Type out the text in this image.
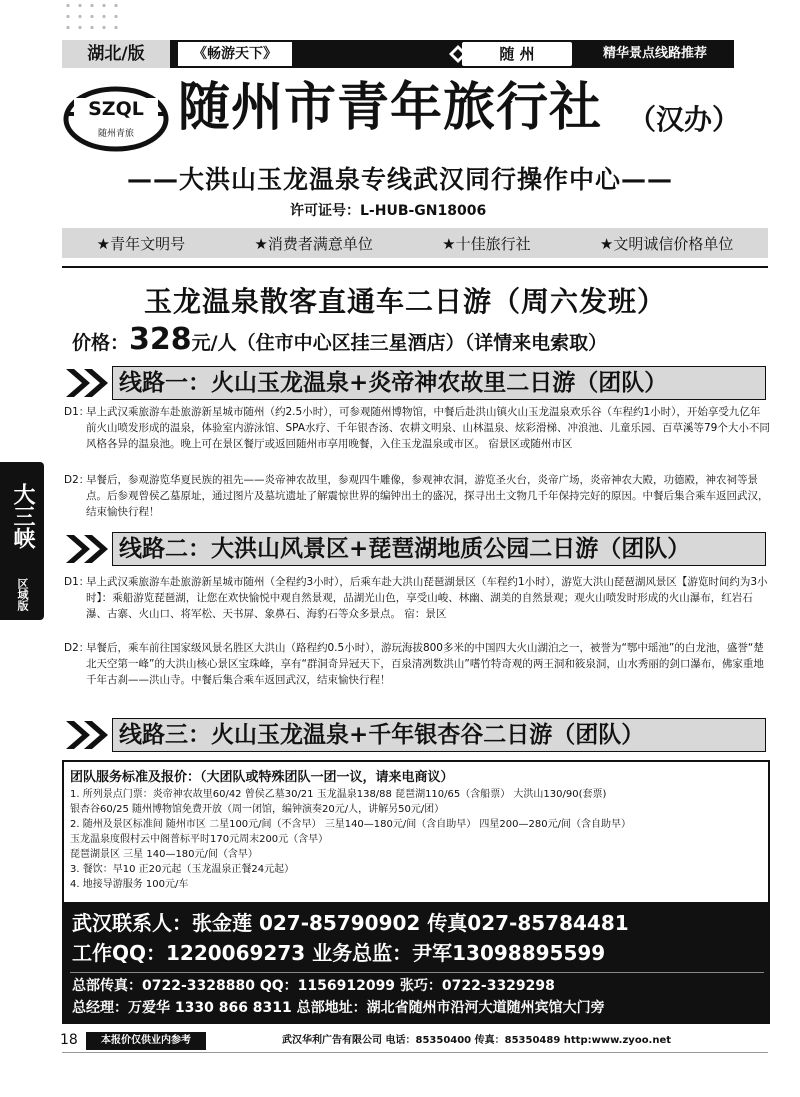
湖北/版	《畅游天下》	随 州	精华景点线路推荐
SZQL
随州青旅 随州市青年旅行社 （汉办）
——大洪山玉龙温泉专线武汉同行操作中心——
许可证号：L-HUB-GN18006
★青年文明号	★消费者满意单位	★十佳旅行社	★文明诚信价格单位
玉龙温泉散客直通车二日游（周六发班）
价格：328元/人（住市中心区挂三星酒店）（详情来电索取）
大三峡
区域版
线路一：火山玉龙温泉+炎帝神农故里二日游（团队）
D1：
早上武汉乘旅游车赴旅游新星城市随州（约2.5小时），可参观随州博物馆，中餐后赴洪山镇火山玉龙温泉欢乐谷（车程约1小时），开始享受九亿年前火山喷发形成的温泉，体验室内游泳馆、SPA水疗、千年银杏汤、农耕文明泉、山林温泉、炫彩滑梯、冲浪池、儿童乐园、百草溪等79个大小不同风格各异的温泉池。晚上可在景区餐厅或返回随州市享用晚餐，入住玉龙温泉或市区。 宿景区或随州市区
D2：
早餐后，参观游览华夏民族的祖先——炎帝神农故里，参观四牛雕像，参观神农洞，游览圣火台，炎帝广场，炎帝神农大殿，功德殿，神农祠等景点。后参观曾侯乙墓原址，通过图片及墓坑遗址了解震惊世界的编钟出土的盛况，探寻出土文物几千年保持完好的原因。中餐后集合乘车返回武汉，结束愉快行程！
线路二：大洪山风景区+琵琶湖地质公园二日游（团队）
D1：
早上武汉乘旅游车赴旅游新星城市随州（全程约3小时），后乘车赴大洪山琵琶湖景区（车程约1小时），游览大洪山琵琶湖风景区【游览时间约为3小时】：乘船游览琵琶湖，让您在欢快愉悦中观自然景观，品湖光山色，享受山峻、林幽、湖美的自然景观；观火山喷发时形成的火山瀑布，红岩石瀑、古寨、火山口、将军松、天书屏、象鼻石、海豹石等众多景点。 宿：景区
D2：
早餐后，乘车前往国家级风景名胜区大洪山（路程约0.5小时），游玩海拔800多米的中国四大火山湖泊之一，被誉为“鄂中瑶池”的白龙池，盛誉“楚北天空第一峰”的大洪山核心景区宝珠峰，享有“群洞奇异冠天下，百泉清冽数洪山”嗜竹特奇观的两王洞和筱泉洞，山水秀丽的剑口瀑布，佛家重地千年古刹——洪山寺。中餐后集合乘车返回武汉，结束愉快行程！
线路三：火山玉龙温泉+千年银杏谷二日游（团队）
团队服务标准及报价：（大团队或特殊团队一团一议，请来电商议）
1. 所列景点门票：炎帝神农故里60/42 曾侯乙墓30/21 玉龙温泉138/88 琵琶湖110/65（含船票） 大洪山130/90(套票)
银杏谷60/25 随州博物馆免费开放（周一闭馆，编钟演奏20元/人，讲解另50元/团）
2. 随州及景区标准间 随州市区 二星100元/间（不含早） 三星140—180元/间（含自助早） 四星200—280元/间（含自助早）
玉龙温泉度假村云中阁普标平时170元周末200元（含早）
琵琶湖景区 三星 140—180元/间（含早）
3. 餐饮：早10 正20元起（玉龙温泉正餐24元起）
4. 地接导游服务 100元/车
武汉联系人：张金莲 027-85790902 传真027-85784481
工作QQ：1220069273 业务总监：尹军13098895599
总部传真：0722-3328880 QQ：1156912099 张巧：0722-3329298
总经理：万爱华 1330 866 8311 总部地址：湖北省随州市沿河大道随州宾馆大门旁
18	本报价仅供业内参考	武汉华利广告有限公司 电话：85350400 传真：85350489 http:www.zyoo.net
